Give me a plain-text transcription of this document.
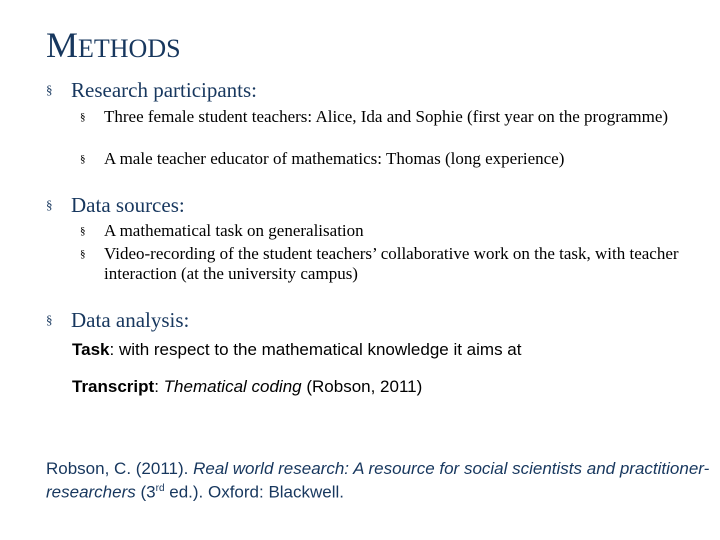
METHODS
§ Research participants:
§	Three female student teachers: Alice, Ida and Sophie (first year on the programme)
§	A male teacher educator of mathematics: Thomas (long experience)
§ Data sources:
§	A mathematical task on generalisation
§	Video-recording of the student teachers’ collaborative work on the task, with teacher interaction (at the university campus)
§ Data analysis:
Task: with respect to the mathematical knowledge it aims at
Transcript: Thematical coding (Robson, 2011)
Robson, C. (2011). Real world research: A resource for social scientists and practitioner-researchers (3rd ed.). Oxford: Blackwell.
